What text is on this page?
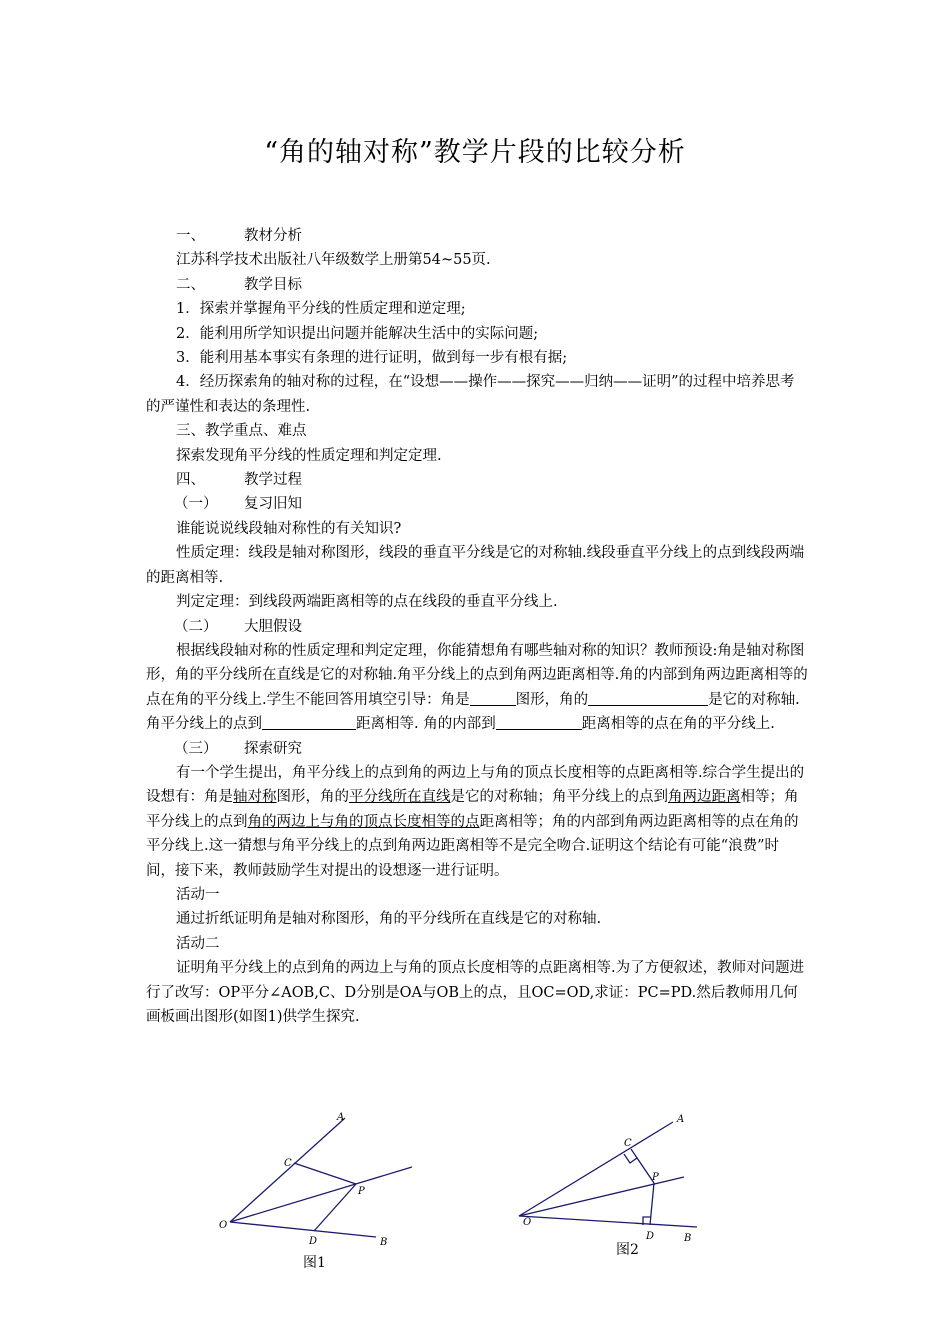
“角的轴对称”教学片段的比较分析

一、	教材分析

江苏科学技术出版社八年级数学上册第54~55页.

二、	教学目标

1．探索并掌握角平分线的性质定理和逆定理;

2．能利用所学知识提出问题并能解决生活中的实际问题;

3．能利用基本事实有条理的进行证明，做到每一步有根有据;

4．经历探索角的轴对称的过程，在“设想——操作——探究——归纳——证明”的过程中培养思考的严谨性和表达的条理性.

三、教学重点、难点

探索发现角平分线的性质定理和判定定理.

四、	教学过程

（一） 复习旧知

谁能说说线段轴对称性的有关知识?

性质定理：线段是轴对称图形，线段的垂直平分线是它的对称轴.线段垂直平分线上的点到线段两端的距离相等.

判定定理：到线段两端距离相等的点在线段的垂直平分线上.

（二） 大胆假设

根据线段轴对称的性质定理和判定定理，你能猜想角有哪些轴对称的知识？教师预设:角是轴对称图形，角的平分线所在直线是它的对称轴.角平分线上的点到角两边距离相等.角的内部到角两边距离相等的点在角的平分线上.学生不能回答用填空引导：角是	图形，角的	是它的对称轴.角平分线上的点到	距离相等. 角的内部到	距离相等的点在角的平分线上.

（三） 探索研究

有一个学生提出，角平分线上的点到角的两边上与角的顶点长度相等的点距离相等.综合学生提出的设想有：角是轴对称图形，角的平分线所在直线是它的对称轴；角平分线上的点到角两边距离相等；角平分线上的点到角的两边上与角的顶点长度相等的点距离相等；角的内部到角两边距离相等的点在角的平分线上.这一猜想与角平分线上的点到角两边距离相等不是完全吻合.证明这个结论有可能“浪费”时间，接下来，教师鼓励学生对提出的设想逐一进行证明。

活动一

通过折纸证明角是轴对称图形，角的平分线所在直线是它的对称轴.

活动二

证明角平分线上的点到角的两边上与角的顶点长度相等的点距离相等.为了方便叙述，教师对问题进行了改写：OP平分∠AOB,C、D分别是OA与OB上的点，且OC=OD,求证：PC=PD.然后教师用几何画板画出图形(如图1)供学生探究.

A
C
P
O
D	B
A
C
P
O
D	B
图1
图2
